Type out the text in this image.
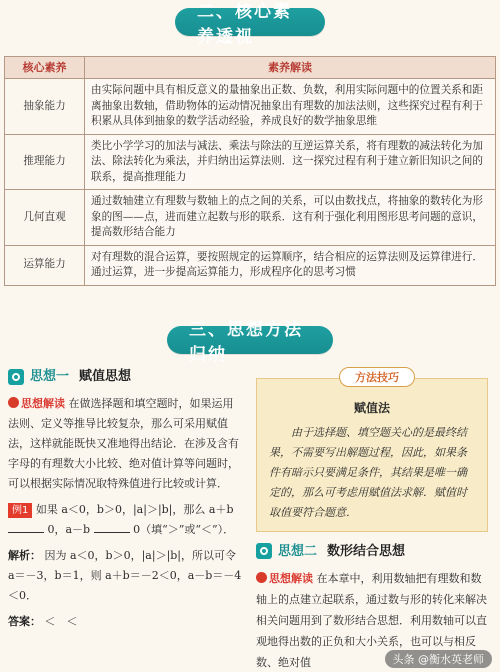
二、核心素养透视
核心素养	素养解读
抽象能力	由实际问题中具有相反意义的量抽象出正数、负数，利用实际问题中的位置关系和距离抽象出数轴，借助物体的运动情况抽象出有理数的加法法则，这些探究过程有利于积累从具体到抽象的数学活动经验，养成良好的数学抽象思维
推理能力	类比小学学习的加法与减法、乘法与除法的互逆运算关系，将有理数的减法转化为加法、除法转化为乘法，并归纳出运算法则．这一探究过程有利于建立新旧知识之间的联系，提高推理能力
几何直观	通过数轴建立有理数与数轴上的点之间的关系，可以由数找点，将抽象的数转化为形象的图——点，进而建立起数与形的联系．这有利于强化利用图形思考问题的意识，提高数形结合能力
运算能力	对有理数的混合运算，要按照规定的运算顺序，结合相应的运算法则及运算律进行．通过运算，进一步提高运算能力，形成程序化的思考习惯
三、思想方法归纳
思想一 赋值思想
思想解读 在做选择题和填空题时，如果运用法则、定义等推导比较复杂，那么可采用赋值法，这样就能既快又准地得出结论．在涉及含有字母的有理数大小比较、绝对值计算等问题时，可以根据实际情况取特殊值进行比较或计算．
例1 如果 a＜0，b＞0，|a|＞|b|，那么 a＋b  0，a－b	0（填“＞”或“＜”）．
解析： 因为 a＜0，b＞0，|a|＞|b|，所以可令 a＝－3，b＝1，则 a＋b＝－2＜0，a－b＝－4＜0．
答案： ＜　＜
方法技巧
赋值法
由于选择题、填空题关心的是最终结果，不需要写出解题过程，因此，如果条件有暗示只要满足条件，其结果是唯一确定的，那么可考虑用赋值法求解．赋值时取值要符合题意．
思想二 数形结合思想
思想解读 在本章中，利用数轴把有理数和数轴上的点建立起联系，通过数与形的转化来解决相关问题用到了数形结合思想．利用数轴可以直观地得出数的正负和大小关系，也可以与相反数、绝对值	头条 @衡水英老师
